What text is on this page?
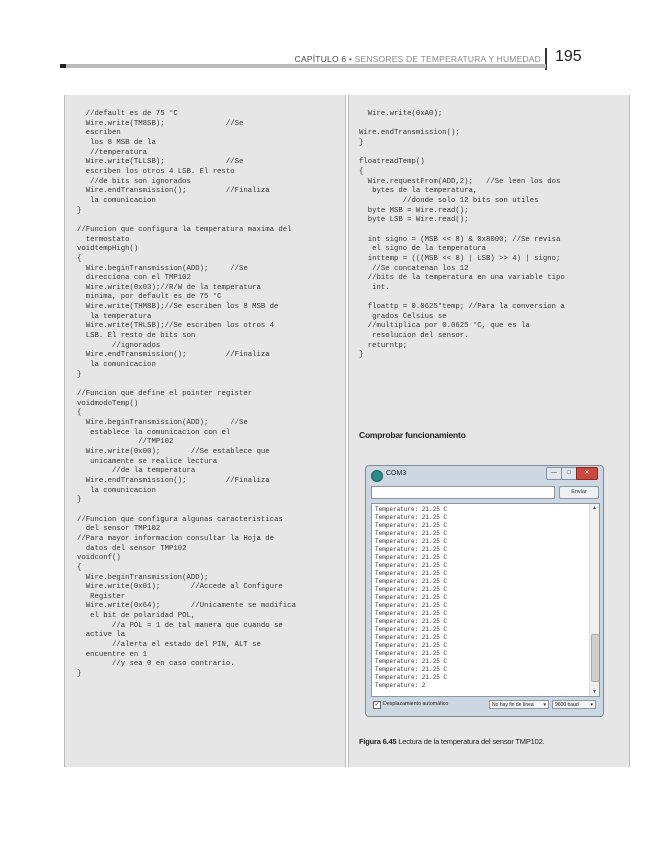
CAPÍTULO 6 • SENSORES DE TEMPERATURA Y HUMEDAD 195
//default es de 75 °C
Wire.write(TM8SB);              //Se
escriben
los 8 MSB de la
//temperatura
Wire.write(TLLSB);              //Se
escriben los otros 4 LSB. El resto
//de bits son ignorados
Wire.endTransmission();         //Finaliza
la comunicacion
}

//Funcion que configura la temperatura maxima del
termostato
voidtempHigh()
{
Wire.beginTransmission(ADD);     //Se
direcciona con el TMP102
Wire.write(0x03);//R/W de la temperatura
minima, por default es de 75 °C
Wire.write(THM8B);//Se escriben los 8 MSB de
la temperatura
Wire.write(THLSB);//Se escriben los otros 4
LSB. El resto de bits son
//ignorados
Wire.endTransmission();         //Finaliza
la comunicacion
}

//Funcion que define el pointer register
voidmodoTemp()
{
Wire.beginTransmission(ADD);     //Se
establece la comunicacion con el
//TMP102
Wire.write(0x00);       //Se establece que
unicamente se realice lectura
//de la temperatura
Wire.endTransmission();         //Finaliza
la comunicacion
}

//Funcion que configura algunas caracteristicas
del sensor TMP102
//Para mayor informacion consultar la Hoja de
datos del sensor TMP102
voidconf()
{
Wire.beginTransmission(ADD);
Wire.write(0x01);       //Accede al Configure
Register
Wire.write(0x64);       //Unicamente se modifica
el bit de polaridad POL,
//a POL = 1 de tal manera que cuando se
active la
//alerta el estado del PIN, ALT se
encuentre en 1
//y sea 0 en caso contrario.
}
Wire.write(0xA0);

Wire.endTransmission();
}

floatreadTemp()
{
Wire.requestFrom(ADD,2);   //Se leen los dos
bytes de la temperatura,
//donde solo 12 bits son utiles
byte MSB = Wire.read();
byte LSB = Wire.read();

int signo = (MSB << 8) & 0x8000; //Se revisa
el signo de la temperatura
inttemp = (((MSB << 8) | LSB) >> 4) | signo;
//Se concatenan los 12
//bits de la temperatura en una variable tipo
int.

floattp = 0.0625*temp; //Para la conversion a
grados Celsius se
//multiplica por 0.0625 °C, que es la
resolucion del sensor.
returntp;
}
Comprobar funcionamiento
COM3	—	□	✕
Enviar
▲
▼
Temperature: 21.25 C
Temperature: 21.25 C
Temperature: 21.25 C
Temperature: 21.25 C
Temperature: 21.25 C
Temperature: 21.25 C
Temperature: 21.25 C
Temperature: 21.25 C
Temperature: 21.25 C
Temperature: 21.25 C
Temperature: 21.25 C
Temperature: 21.25 C
Temperature: 21.25 C
Temperature: 21.25 C
Temperature: 21.25 C
Temperature: 21.25 C
Temperature: 21.25 C
Temperature: 21.25 C
Temperature: 21.25 C
Temperature: 21.25 C
Temperature: 21.25 C
Temperature: 21.25 C
Temperature: 2
✓ Desplazamiento automático	No hay fin de línea ▾	9600 baud ▾
Figura 6.45 Lectura de la temperatura del sensor TMP102.
